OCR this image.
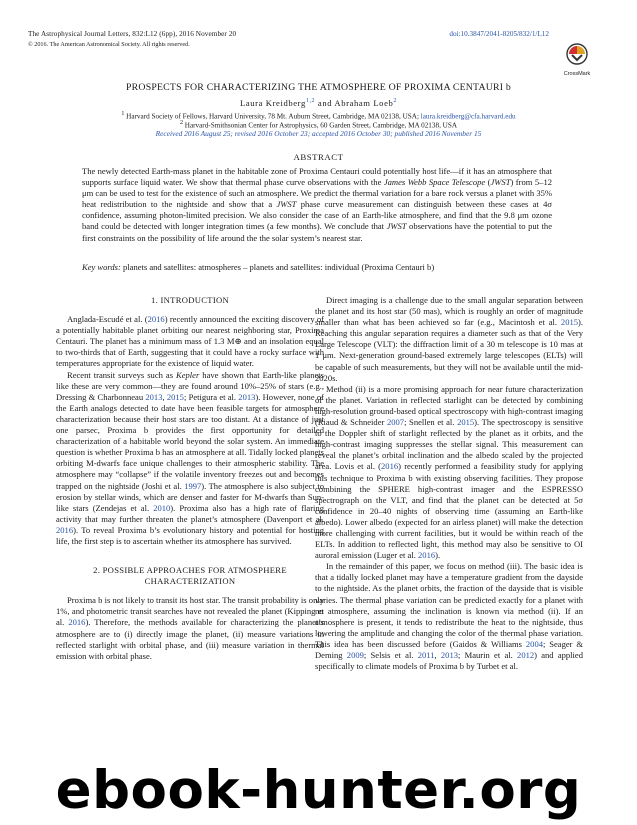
The Astrophysical Journal Letters, 832:L12 (6pp), 2016 November 20
© 2016. The American Astronomical Society. All rights reserved.
doi:10.3847/2041-8205/832/1/L12
CrossMark
PROSPECTS FOR CHARACTERIZING THE ATMOSPHERE OF PROXIMA CENTAURI b
Laura Kreidberg$^{1,2}$ and Abraham Loeb$^2$
$^1$ Harvard Society of Fellows, Harvard University, 78 Mt. Auburn Street, Cambridge, MA 02138, USA; laura.kreidberg@cfa.harvard.edu
$^2$ Harvard-Smithsonian Center for Astrophysics, 60 Garden Street, Cambridge, MA 02138, USA
Received 2016 August 25; revised 2016 October 23; accepted 2016 October 30; published 2016 November 15
ABSTRACT
The newly detected Earth-mass planet in the habitable zone of Proxima Centauri could potentially host life—if it has an atmosphere that supports surface liquid water. We show that thermal phase curve observations with the James Webb Space Telescope (JWST) from 5–12 μm can be used to test for the existence of such an atmosphere. We predict the thermal variation for a bare rock versus a planet with 35% heat redistribution to the nightside and show that a JWST phase curve measurement can distinguish between these cases at 4σ confidence, assuming photon-limited precision. We also consider the case of an Earth-like atmosphere, and find that the 9.8 μm ozone band could be detected with longer integration times (a few months). We conclude that JWST observations have the potential to put the first constraints on the possibility of life around the the solar system’s nearest star.
Key words: planets and satellites: atmospheres – planets and satellites: individual (Proxima Centauri b)
1. INTRODUCTION

Anglada-Escudé et al. (2016) recently announced the exciting discovery of a potentially habitable planet orbiting our nearest neighboring star, Proxima Centauri. The planet has a minimum mass of 1.3 M⊕ and an insolation equal to two-thirds that of Earth, suggesting that it could have a rocky surface with temperatures appropriate for the existence of liquid water.

Recent transit surveys such as Kepler have shown that Earth-like planets like these are very common—they are found around 10%–25% of stars (e.g., Dressing & Charbonneau 2013, 2015; Petigura et al. 2013). However, none of the Earth analogs detected to date have been feasible targets for atmosphere characterization because their host stars are too distant. At a distance of just one parsec, Proxima b provides the first opportunity for detailed characterization of a habitable world beyond the solar system. An immediate question is whether Proxima b has an atmosphere at all. Tidally locked planets orbiting M-dwarfs face unique challenges to their atmospheric stability. The atmosphere may “collapse” if the volatile inventory freezes out and becomes trapped on the nightside (Joshi et al. 1997). The atmosphere is also subject to erosion by stellar winds, which are denser and faster for M-dwarfs than Sun-like stars (Zendejas et al. 2010). Proxima also has a high rate of flaring activity that may further threaten the planet’s atmosphere (Davenport et al. 2016). To reveal Proxima b’s evolutionary history and potential for hosting life, the first step is to ascertain whether its atmosphere has survived.

2. POSSIBLE APPROACHES FOR ATMOSPHERE
CHARACTERIZATION

Proxima b is not likely to transit its host star. The transit probability is only 1%, and photometric transit searches have not revealed the planet (Kipping et al. 2016). Therefore, the methods available for characterizing the planet’s atmosphere are to (i) directly image the planet, (ii) measure variations in reflected starlight with orbital phase, and (iii) measure variation in thermal emission with orbital phase.

Direct imaging is a challenge due to the small angular separation between the planet and its host star (50 mas), which is roughly an order of magnitude smaller than what has been achieved so far (e.g., Macintosh et al. 2015). Reaching this angular separation requires a diameter such as that of the Very Large Telescope (VLT): the diffraction limit of a 30 m telescope is 10 mas at 1 μm. Next-generation ground-based extremely large telescopes (ELTs) will be capable of such measurements, but they will not be available until the mid-2020s.

Method (ii) is a more promising approach for near future characterization of the planet. Variation in reflected starlight can be detected by combining high-resolution ground-based optical spectroscopy with high-contrast imaging (Riaud & Schneider 2007; Snellen et al. 2015). The spectroscopy is sensitive to the Doppler shift of starlight reflected by the planet as it orbits, and the high-contrast imaging suppresses the stellar signal. This measurement can reveal the planet’s orbital inclination and the albedo scaled by the projected area. Lovis et al. (2016) recently performed a feasibility study for applying this technique to Proxima b with existing observing facilities. They propose combining the SPHERE high-contrast imager and the ESPRESSO spectrograph on the VLT, and find that the planet can be detected at 5σ confidence in 20–40 nights of observing time (assuming an Earth-like albedo). Lower albedo (expected for an airless planet) will make the detection more challenging with current facilities, but it would be within reach of the ELTs. In addition to reflected light, this method may also be sensitive to OI auroral emission (Luger et al. 2016).

In the remainder of this paper, we focus on method (iii). The basic idea is that a tidally locked planet may have a temperature gradient from the dayside to the nightside. As the planet orbits, the fraction of the dayside that is visible varies. The thermal phase variation can be predicted exactly for a planet with no atmosphere, assuming the inclination is known via method (ii). If an atmosphere is present, it tends to redistribute the heat to the nightside, thus lowering the amplitude and changing the color of the thermal phase variation. This idea has been discussed before (Gaidos & Williams 2004; Seager & Deming 2009; Selsis et al. 2011, 2013; Maurin et al. 2012) and applied specifically to climate models of Proxima b by Turbet et al.

ebook-hunter.org
